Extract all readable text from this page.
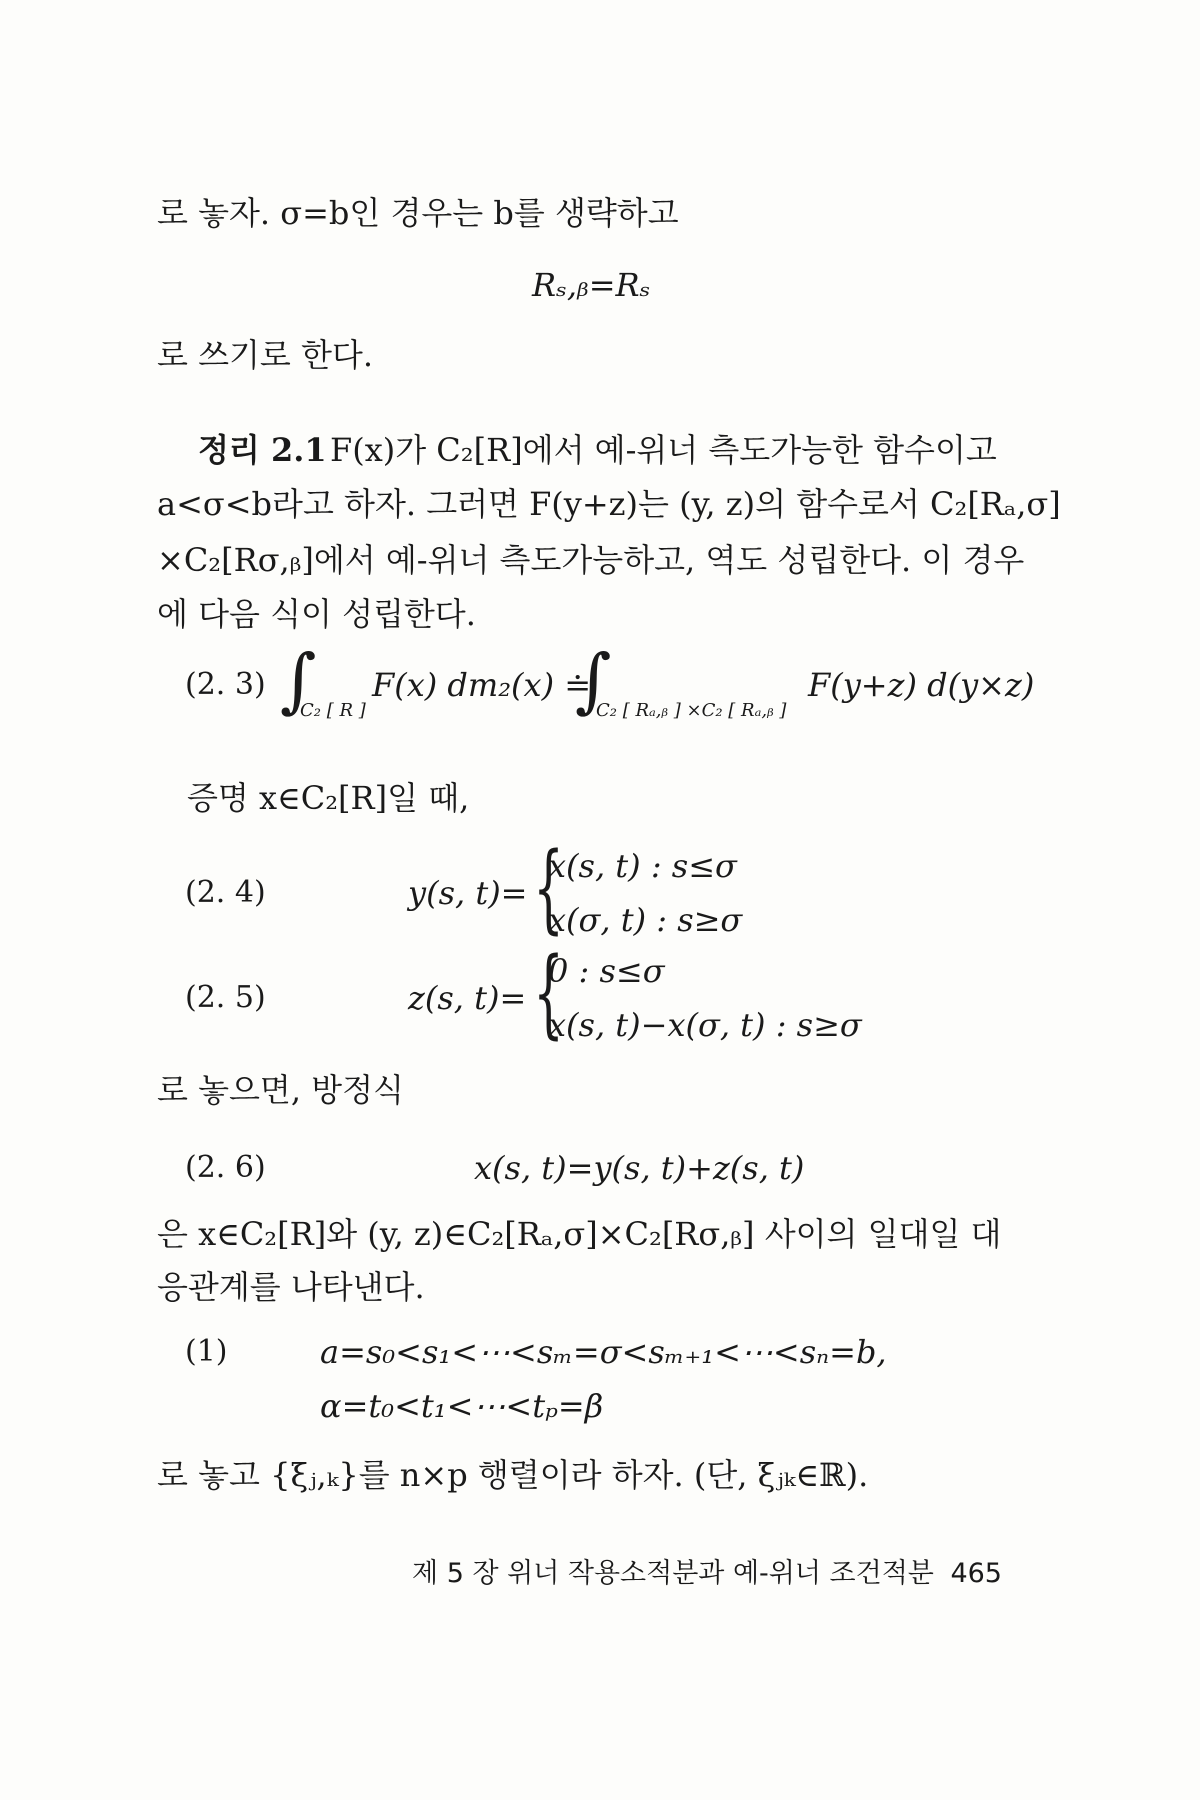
로 놓자. σ=b인 경우는 b를 생략하고
Rₛ,ᵦ=Rₛ
로 쓰기로 한다.
정리 2.1 F(x)가 C₂[R]에서 예-위너 측도가능한 함수이고
a<σ<b라고 하자. 그러면 F(y+z)는 (y, z)의 함수로서 C₂[Rₐ,σ]
×C₂[Rσ,ᵦ]에서 예-위너 측도가능하고, 역도 성립한다. 이 경우
에 다음 식이 성립한다.
(2. 3) ∫
C₂ [ R ]
F(x) dm₂(x) ≐
∫
C₂ [ Rₐ,ᵦ ] ×C₂ [ Rₐ,ᵦ ]
F(y+z) d(y×z)
증명 x∈C₂[R]일 때,
(2. 4)	y(s, t)= {
x(s, t) : s≤σ
x(σ, t) : s≥σ
(2. 5)	z(s, t)= {
0 : s≤σ
x(s, t)−x(σ, t) : s≥σ
로 놓으면, 방정식
(2. 6)	x(s, t)=y(s, t)+z(s, t)
은 x∈C₂[R]와 (y, z)∈C₂[Rₐ,σ]×C₂[Rσ,ᵦ] 사이의 일대일 대
응관계를 나타낸다.
(1)	a=s₀<s₁<⋯<sₘ=σ<sₘ₊₁<⋯<sₙ=b,
α=t₀<t₁<⋯<tₚ=β
로 놓고 {ξⱼ,ₖ}를 n×p 행렬이라 하자. (단, ξⱼₖ∈ℝ).
제 5 장 위너 작용소적분과 예-위너 조건적분 465
